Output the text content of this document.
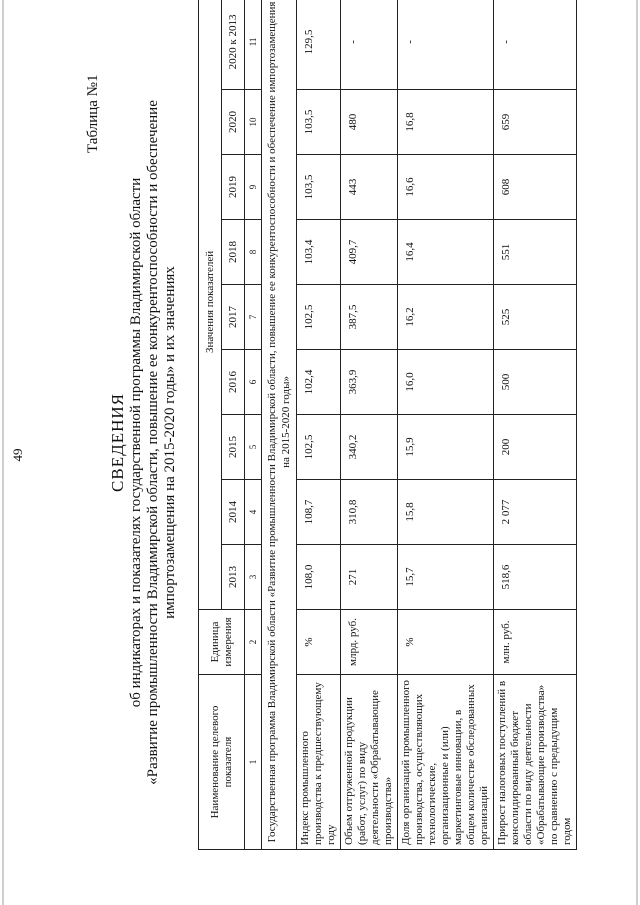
49
Таблица №1
СВЕДЕНИЯ об индикаторах и показателях государственной программы Владимирской области «Развитие промышленности Владимирской области, повышение ее конкурентоспособности и обеспечение импортозамещения на 2015-2020 годы» и их значениях
Наименование целевого показателя	Единица измерения	Значения показателей								
		2013	2014	2015	2016	2017	2018	2019	2020	2020 к 2013
1	2	3	4	5	6	7	8	9	10	11
Государственная программа Владимирской области «Развитие промышленности Владимирской области, повышение ее конкурентоспособности и обеспечение импортозамещения на 2015-2020 годы»										
Индекс промышленного производства к предшествующему году	%	108,0	108,7	102,5	102,4	102,5	103,4	103,5	103,5	129,5
Объем отгруженной продукции (работ, услуг) по виду деятельности «Обрабатывающие производства»	млрд. руб.	271	310,8	340,2	363,9	387,5	409,7	443	480	-
Доля организаций промышленного производства, осуществляющих технологические, организационные и (или) маркетинговые инновации, в общем количестве обследованных организаций	%	15,7	15,8	15,9	16,0	16,2	16,4	16,6	16,8	-
Прирост налоговых поступлений в консолидированный бюджет области по виду деятельности «Обрабатывающие производства» по сравнению с предыдущим годом	млн. руб.	518,6	2 077	200	500	525	551	608	659	-
